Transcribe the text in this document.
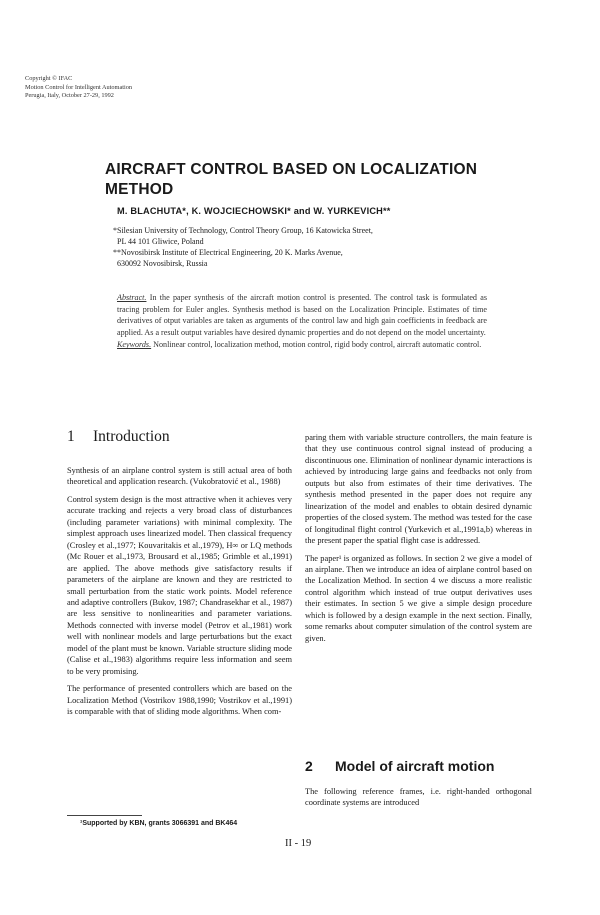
Copyright © IFAC
Motion Control for Intelligent Automation
Perugia, Italy, October 27-29, 1992
AIRCRAFT CONTROL BASED ON LOCALIZATION METHOD
M. BLACHUTA*, K. WOJCIECHOWSKI* and W. YURKEVICH**
*Silesian University of Technology, Control Theory Group, 16 Katowicka Street,
PL 44 101 Gliwice, Poland
**Novosibirsk Institute of Electrical Engineering, 20 K. Marks Avenue,
630092 Novosibirsk, Russia
Abstract. In the paper synthesis of the aircraft motion control is presented. The control task is formulated as tracing problem for Euler angles. Synthesis method is based on the Localization Principle. Estimates of time derivatives of otput variables are taken as arguments of the control law and high gain coefficients in feedback are applied. As a result output variables have desired dynamic properties and do not depend on the model uncertainty.
Keywords. Nonlinear control, localization method, motion control, rigid body control, aircraft automatic control.
1 Introduction

Synthesis of an airplane control system is still actual area of both theoretical and application research. (Vukobratović et al., 1988)

Control system design is the most attractive when it achieves very accurate tracking and rejects a very broad class of disturbances (including parameter variations) with minimal complexity. The simplest approach uses linearized model. Then classical frequency (Crosley et al.,1977; Kouvaritakis et al.,1979), H∞ or LQ methods (Mc Rouer et al.,1973, Brousard et al.,1985; Grimble et al.,1991) are applied. The above methods give satisfactory results if parameters of the airplane are known and they are restricted to small perturbation from the static work points. Model reference and adaptive controllers (Bukov, 1987; Chandrasekhar et al., 1987) are less sensitive to nonlinearities and parameter variations. Methods connected with inverse model (Petrov et al.,1981) work well with nonlinear models and large perturbations but the exact model of the plant must be known. Variable structure sliding mode (Calise et al.,1983) algorithms require less information and seem to be very promising.

The performance of presented controllers which are based on the Localization Method (Vostrikov 1988,1990; Vostrikov et al.,1991) is comparable with that of sliding mode algorithms. When com-

paring them with variable structure controllers, the main feature is that they use continuous control signal instead of producing a discontinuous one. Elimination of nonlinear dynamic interactions is achieved by introducing large gains and feedbacks not only from outputs but also from estimates of their time derivatives. The synthesis method presented in the paper does not require any linearization of the model and enables to obtain desired dynamic properties of the closed system. The method was tested for the case of longitudinal flight control (Yurkevich et al.,1991a,b) whereas in the present paper the spatial flight case is addressed.

The paper¹ is organized as follows. In section 2 we give a model of an airplane. Then we introduce an idea of airplane control based on the Localization Method. In section 4 we discuss a more realistic control algorithm which instead of true output derivatives uses their estimates. In section 5 we give a simple design procedure which is followed by a design example in the next section. Finally, some remarks about computer simulation of the control system are given.

2 Model of aircraft motion
The following reference frames, i.e. right-handed orthogonal coordinate systems are introduced
¹Supported by KBN, grants 3066391 and BK464
II - 19
